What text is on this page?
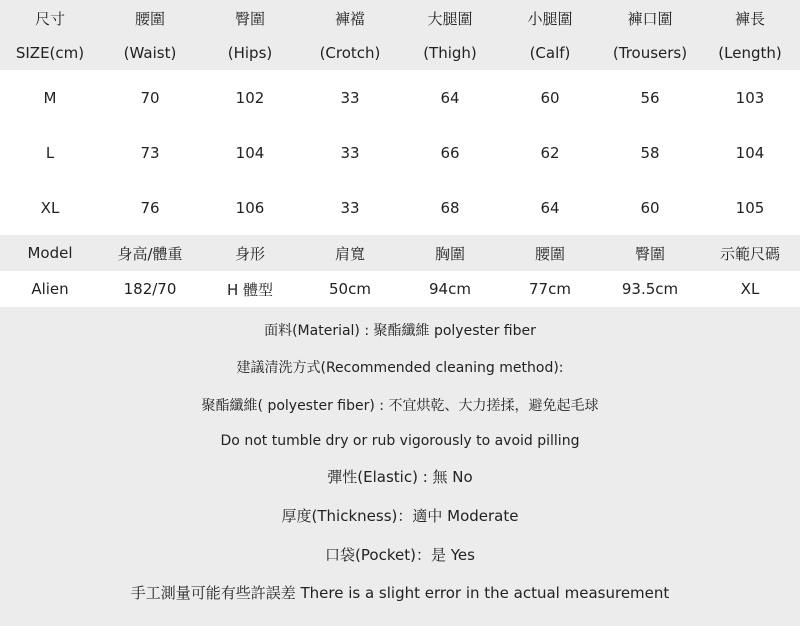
尺寸	腰圍	臀圍	褲襠	大腿圍	小腿圍	褲口圍	褲長
SIZE(cm)	(Waist)	(Hips)	(Crotch)	(Thigh)	(Calf)	(Trousers)	(Length)
M	70	102	33	64	60	56	103
L	73	104	33	66	62	58	104
XL	76	106	33	68	64	60	105
Model	身高/體重	身形	肩寬	胸圍	腰圍	臀圍	示範尺碼
Alien	182/70	H 體型	50cm	94cm	77cm	93.5cm	XL
面料(Material) : 聚酯纖維 polyester fiber
建議清洗方式(Recommended cleaning method):
聚酯纖維( polyester fiber) : 不宜烘乾、大力搓揉，避免起毛球
Do not tumble dry or rub vigorously to avoid pilling
彈性(Elastic) : 無 No
厚度(Thickness)：適中 Moderate
口袋(Pocket)：是 Yes
手工測量可能有些許誤差 There is a slight error in the actual measurement
